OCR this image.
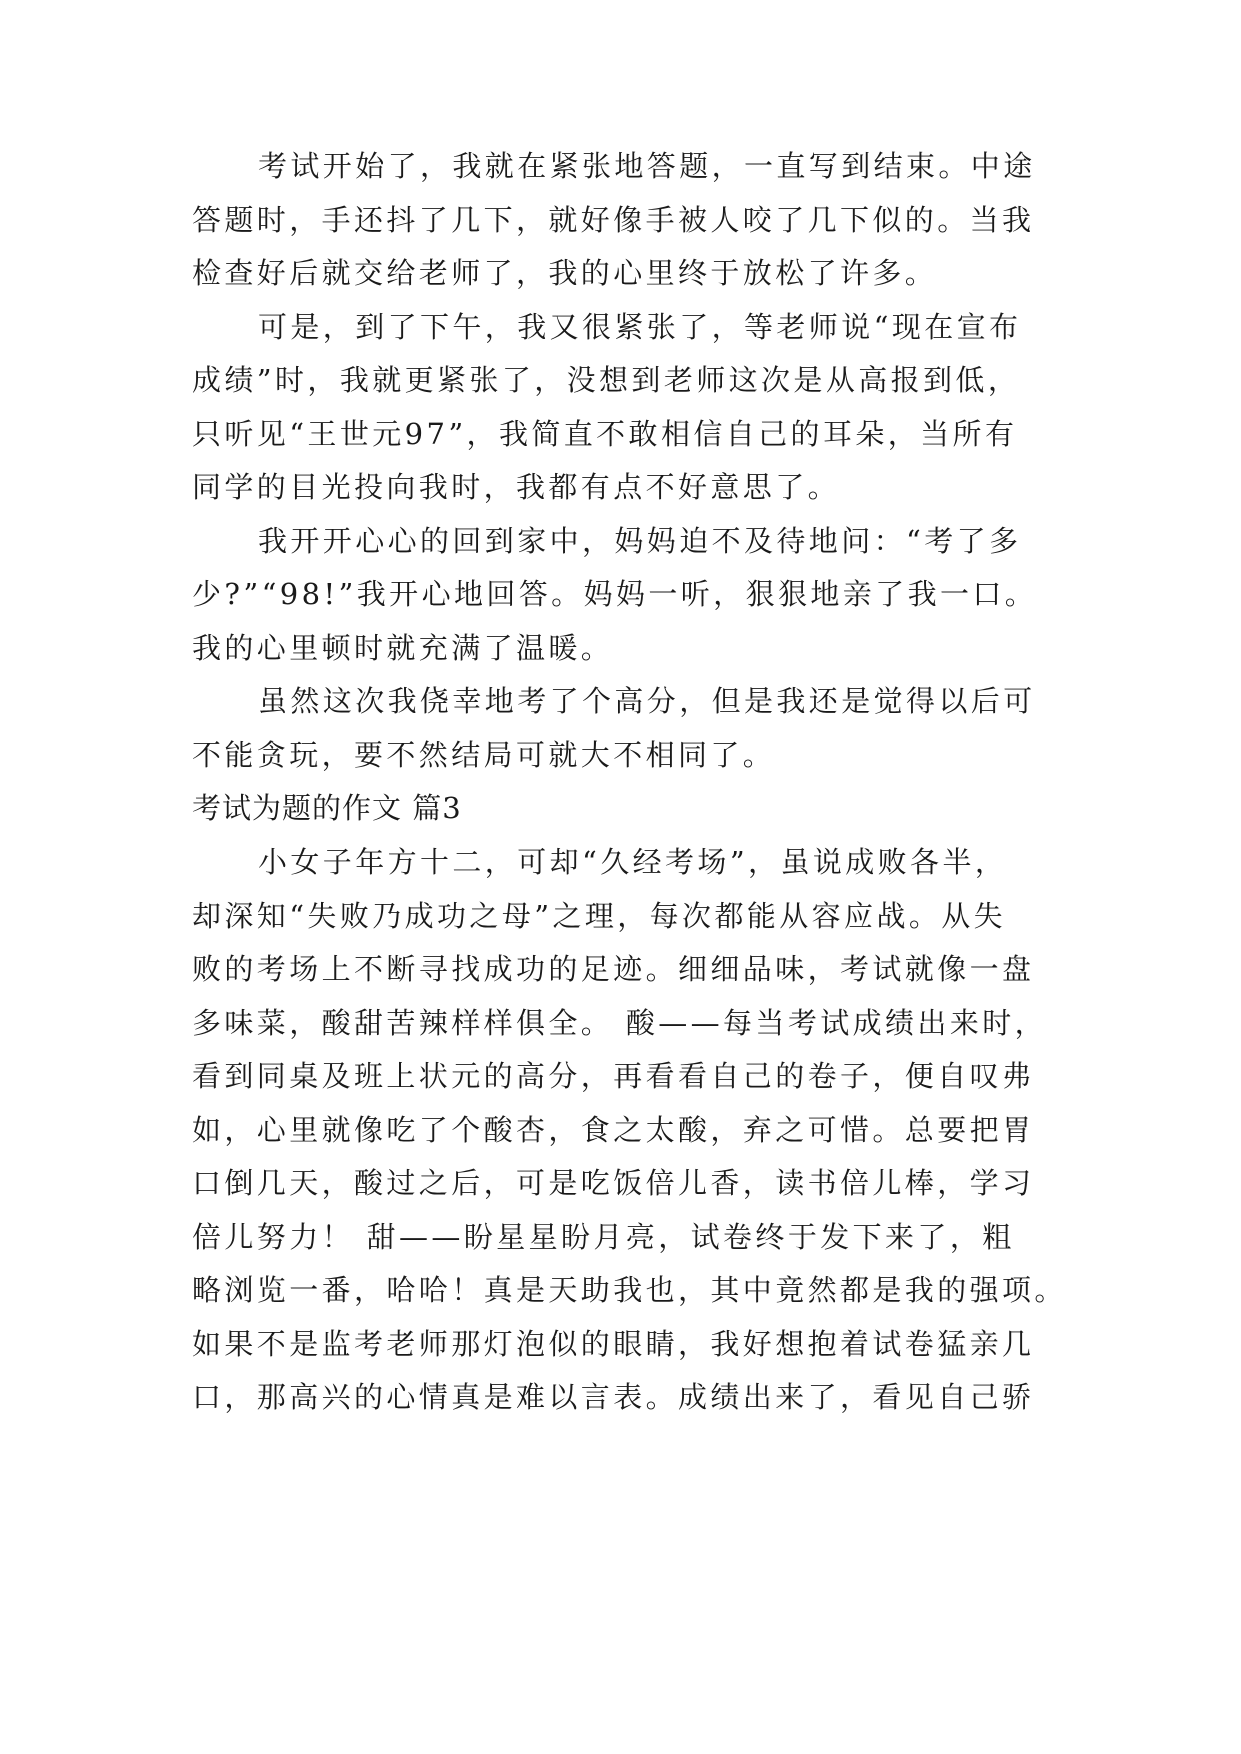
考试开始了，我就在紧张地答题，一直写到结束。中途

答题时，手还抖了几下，就好像手被人咬了几下似的。当我

检查好后就交给老师了，我的心里终于放松了许多。

可是，到了下午，我又很紧张了，等老师说“现在宣布

成绩”时，我就更紧张了，没想到老师这次是从高报到低，

只听见“王世元97”，我简直不敢相信自己的耳朵，当所有

同学的目光投向我时，我都有点不好意思了。

我开开心心的回到家中，妈妈迫不及待地问：“考了多

少?”“98!”我开心地回答。妈妈一听，狠狠地亲了我一口。

我的心里顿时就充满了温暖。

虽然这次我侥幸地考了个高分，但是我还是觉得以后可

不能贪玩，要不然结局可就大不相同了。

考试为题的作文 篇3

小女子年方十二，可却“久经考场”，虽说成败各半，

却深知“失败乃成功之母”之理，每次都能从容应战。从失

败的考场上不断寻找成功的足迹。细细品味，考试就像一盘

多味菜，酸甜苦辣样样俱全。 酸——每当考试成绩出来时，

看到同桌及班上状元的高分，再看看自己的卷子，便自叹弗

如，心里就像吃了个酸杏，食之太酸，弃之可惜。总要把胃

口倒几天，酸过之后，可是吃饭倍儿香，读书倍儿棒，学习

倍儿努力！ 甜——盼星星盼月亮，试卷终于发下来了，粗

略浏览一番，哈哈！真是天助我也，其中竟然都是我的强项。

如果不是监考老师那灯泡似的眼睛，我好想抱着试卷猛亲几

口，那高兴的心情真是难以言表。成绩出来了，看见自己骄
